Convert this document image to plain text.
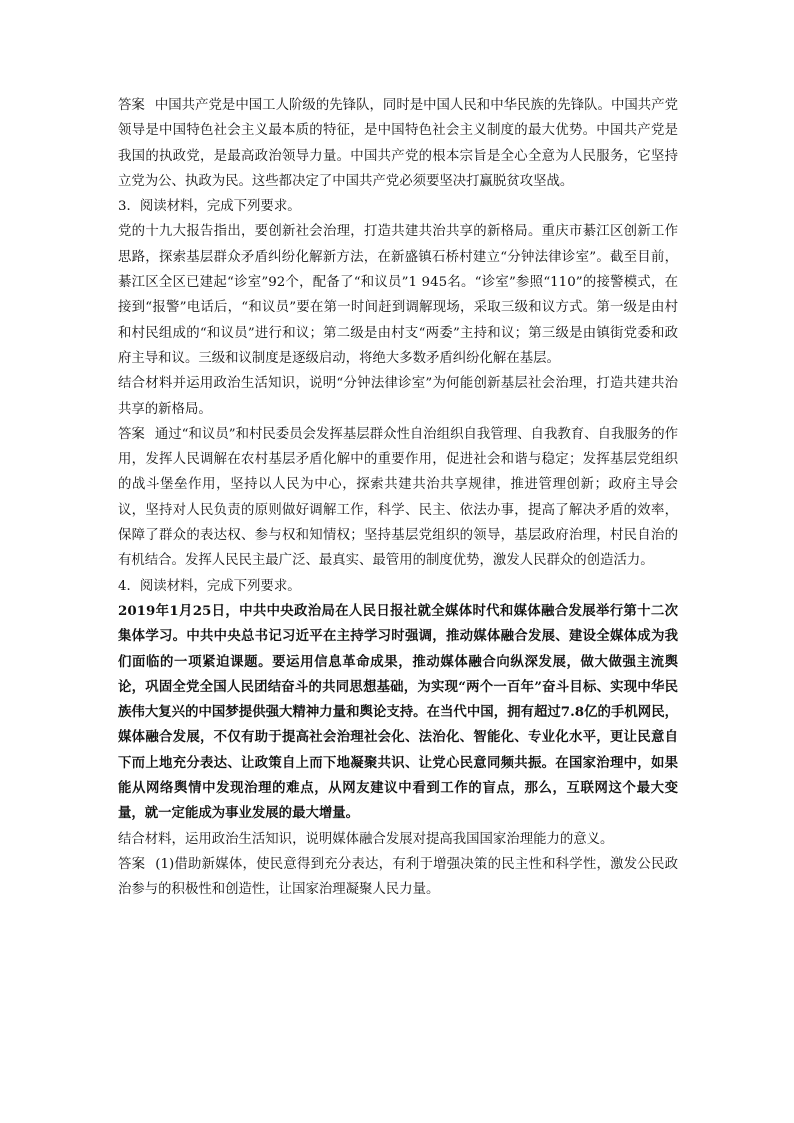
答案 中国共产党是中国工人阶级的先锋队，同时是中国人民和中华民族的先锋队。中国共产党领导是中国特色社会主义最本质的特征，是中国特色社会主义制度的最大优势。中国共产党是我国的执政党，是最高政治领导力量。中国共产党的根本宗旨是全心全意为人民服务，它坚持立党为公、执政为民。这些都决定了中国共产党必须要坚决打赢脱贫攻坚战。

3．阅读材料，完成下列要求。

党的十九大报告指出，要创新社会治理，打造共建共治共享的新格局。重庆市綦江区创新工作思路，探索基层群众矛盾纠纷化解新方法，在新盛镇石桥村建立“分钟法律诊室”。截至目前，綦江区全区已建起“诊室”92个，配备了“和议员”1 945名。“诊室”参照“110”的接警模式，在接到“报警”电话后，“和议员”要在第一时间赶到调解现场，采取三级和议方式。第一级是由村和村民组成的“和议员”进行和议；第二级是由村支“两委”主持和议；第三级是由镇街党委和政府主导和议。三级和议制度是逐级启动，将绝大多数矛盾纠纷化解在基层。

结合材料并运用政治生活知识，说明“分钟法律诊室”为何能创新基层社会治理，打造共建共治共享的新格局。

答案 通过“和议员”和村民委员会发挥基层群众性自治组织自我管理、自我教育、自我服务的作用，发挥人民调解在农村基层矛盾化解中的重要作用，促进社会和谐与稳定；发挥基层党组织的战斗堡垒作用，坚持以人民为中心，探索共建共治共享规律，推进管理创新；政府主导会议，坚持对人民负责的原则做好调解工作，科学、民主、依法办事，提高了解决矛盾的效率，保障了群众的表达权、参与权和知情权；坚持基层党组织的领导，基层政府治理，村民自治的有机结合。发挥人民民主最广泛、最真实、最管用的制度优势，激发人民群众的创造活力。

4．阅读材料，完成下列要求。

2019年1月25日，中共中央政治局在人民日报社就全媒体时代和媒体融合发展举行第十二次集体学习。中共中央总书记习近平在主持学习时强调，推动媒体融合发展、建设全媒体成为我们面临的一项紧迫课题。要运用信息革命成果，推动媒体融合向纵深发展，做大做强主流舆论，巩固全党全国人民团结奋斗的共同思想基础，为实现“两个一百年”奋斗目标、实现中华民族伟大复兴的中国梦提供强大精神力量和舆论支持。在当代中国，拥有超过7.8亿的手机网民，媒体融合发展，不仅有助于提高社会治理社会化、法治化、智能化、专业化水平，更让民意自下而上地充分表达、让政策自上而下地凝聚共识、让党心民意同频共振。在国家治理中，如果能从网络舆情中发现治理的难点，从网友建议中看到工作的盲点，那么，互联网这个最大变量，就一定能成为事业发展的最大增量。

结合材料，运用政治生活知识，说明媒体融合发展对提高我国国家治理能力的意义。

答案 (1)借助新媒体，使民意得到充分表达，有利于增强决策的民主性和科学性，激发公民政治参与的积极性和创造性，让国家治理凝聚人民力量。
